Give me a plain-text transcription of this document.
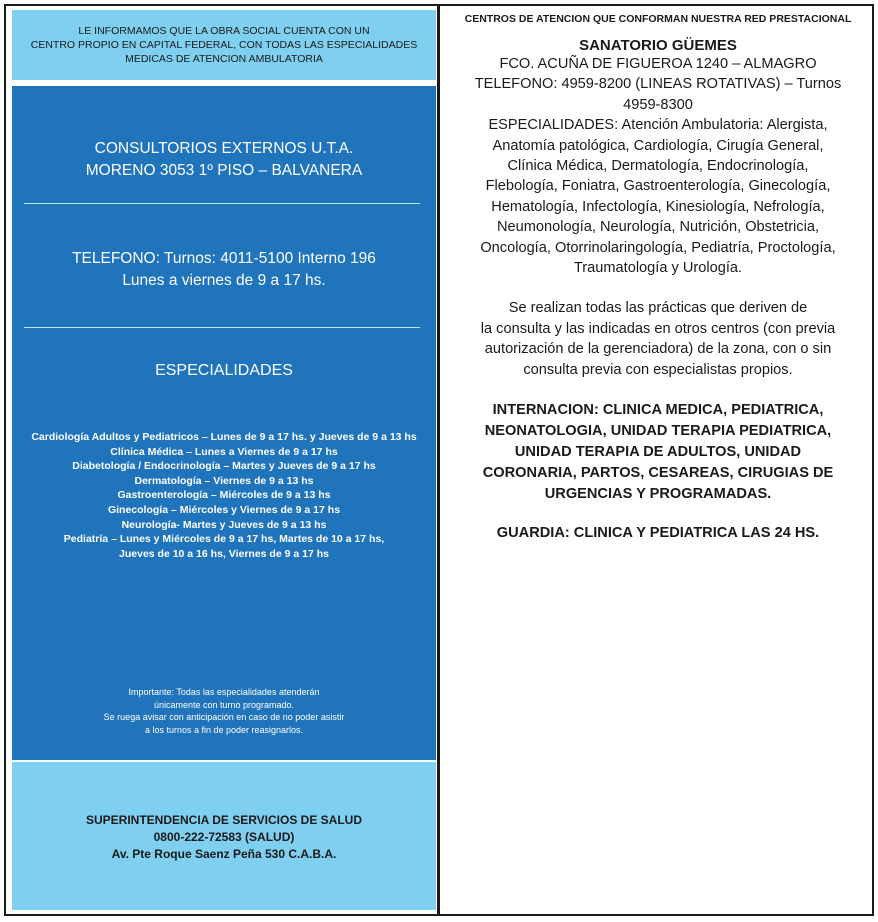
LE INFORMAMOS QUE LA OBRA SOCIAL CUENTA CON UN
CENTRO PROPIO EN CAPITAL FEDERAL, CON TODAS LAS ESPECIALIDADES
MEDICAS DE ATENCION AMBULATORIA
CONSULTORIOS EXTERNOS U.T.A.
MORENO 3053 1º PISO – BALVANERA
TELEFONO: Turnos: 4011-5100 Interno 196
Lunes a viernes de 9 a 17 hs.
ESPECIALIDADES
Cardiología Adultos y Pediatricos – Lunes de 9 a 17 hs. y Jueves de 9 a 13 hs
Clínica Médica – Lunes a Viernes de 9 a 17 hs
Diabetología / Endocrinología – Martes y Jueves de 9 a 17 hs
Dermatología – Viernes de 9 a 13 hs
Gastroenterología – Miércoles de 9 a 13 hs
Ginecología – Miércoles y Viernes de 9 a 17 hs
Neurología- Martes y Jueves de 9 a 13 hs
Pediatría – Lunes y Miércoles de 9 a 17 hs, Martes de 10 a 17 hs,
Jueves de 10 a 16 hs, Viernes de 9 a 17 hs
Importante: Todas las especialidades atenderán
únicamente con turno programado.
Se ruega avisar con anticipación en caso de no poder asistir
a los turnos a fin de poder reasignarlos.
SUPERINTENDENCIA DE SERVICIOS DE SALUD
0800-222-72583 (SALUD)
Av. Pte Roque Saenz Peña 530 C.A.B.A.
CENTROS DE ATENCION QUE CONFORMAN NUESTRA RED PRESTACIONAL
SANATORIO GÜEMES
FCO. ACUÑA DE FIGUEROA 1240 – ALMAGRO
TELEFONO: 4959-8200 (LINEAS ROTATIVAS) – Turnos
4959-8300
ESPECIALIDADES: Atención Ambulatoria: Alergista,
Anatomía patológica, Cardiología, Cirugía General,
Clínica Médica, Dermatología, Endocrinología,
Flebología, Foniatra, Gastroenterología, Ginecología,
Hematología, Infectología, Kinesiología, Nefrología,
Neumonología, Neurología, Nutrición, Obstetricia,
Oncología, Otorrinolaringología, Pediatría, Proctología,
Traumatología y Urología.
Se realizan todas las prácticas que deriven de
la consulta y las indicadas en otros centros (con previa
autorización de la gerenciadora) de la zona, con o sin
consulta previa con especialistas propios.
INTERNACION: CLINICA MEDICA, PEDIATRICA,
NEONATOLOGIA, UNIDAD TERAPIA PEDIATRICA,
UNIDAD TERAPIA DE ADULTOS, UNIDAD
CORONARIA, PARTOS, CESAREAS, CIRUGIAS DE
URGENCIAS Y PROGRAMADAS.
GUARDIA: CLINICA Y PEDIATRICA LAS 24 HS.
